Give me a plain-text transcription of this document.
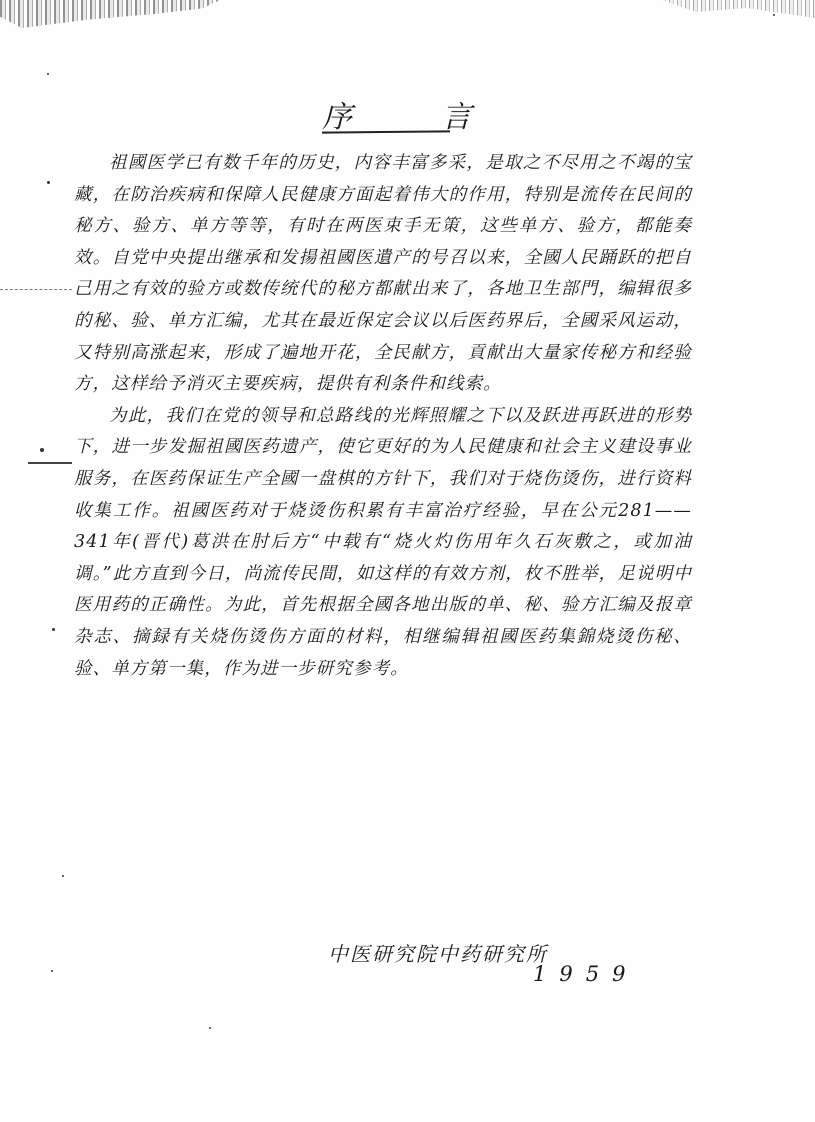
序 言

祖國医学已有数千年的历史，内容丰富多采，是取之不尽用之不竭的宝藏，在防治疾病和保障人民健康方面起着伟大的作用，特别是流传在民间的秘方、验方、单方等等，有时在两医束手无策，这些单方、验方，都能奏效。自党中央提出继承和发揚祖國医遺产的号召以来，全國人民踊跃的把自己用之有效的验方或数传统代的秘方都献出来了，各地卫生部門，编辑很多的秘、验、单方汇编，尤其在最近保定会议以后医药界后，全國采风运动，又特别高涨起来，形成了遍地开花，全民献方，貢献出大量家传秘方和经验方，这样给予消灭主要疾病，提供有利条件和线索。

为此，我们在党的领导和总路线的光辉照耀之下以及跃进再跃进的形势下，进一步发掘祖國医药遗产，使它更好的为人民健康和社会主义建设事业服务，在医药保证生产全國一盘棋的方针下，我们对于烧伤烫伤，进行资料收集工作。祖國医药对于烧烫伤积累有丰富治疗经验，早在公元281——341年(晋代)葛洪在肘后方“中载有“烧火灼伤用年久石灰敷之，或加油调。”此方直到今日，尚流传民間，如这样的有效方剂，枚不胜举，足说明中医用药的正确性。为此，首先根据全國各地出版的单、秘、验方汇编及报章杂志、摘録有关烧伤烫伤方面的材料，相继编辑祖國医药集錦烧烫伤秘、验、单方第一集，作为进一步研究参考。

中医研究院中药研究所
1959
